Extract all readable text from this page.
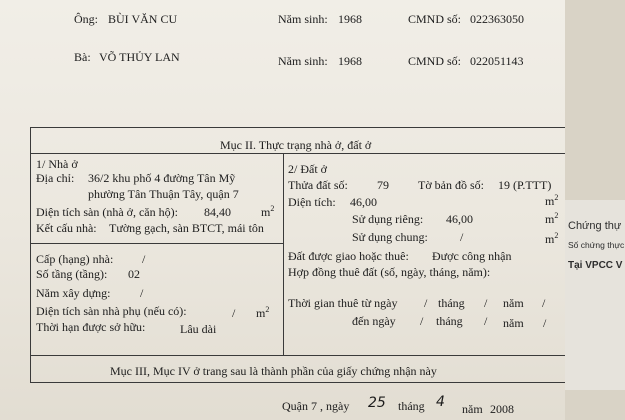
Ông: BÙI VĂN CU	Năm sinh: 1968	CMND số: 022363050
Bà: VÕ THỦY LAN	Năm sinh: 1968	CMND số: 022051143
Mục II. Thực trạng nhà ở, đất ở
1/ Nhà ở
Địa chỉ: 36/2 khu phố 4 đường Tân Mỹ
phường Tân Thuận Tây, quận 7
Diện tích sàn (nhà ở, căn hộ): 84,40	$m^2$
Kết cấu nhà: Tường gạch, sàn BTCT, mái tôn
Cấp (hạng) nhà: /
Số tầng (tầng): 02
Năm xây dựng: /
Diện tích sàn nhà phụ (nếu có):	/ $m^2$
Thời hạn được sở hữu:	Lâu dài
2/ Đất ở
Thửa đất số: 79 Tờ bản đồ số: 19 (P.TTT)
Diện tích: 46,00	$m^2$
Sử dụng riêng: 46,00	$m^2$
Sử dụng chung:	/	$m^2$
Đất được giao hoặc thuê: Được công nhận
Hợp đồng thuê đất (số, ngày, tháng, năm):
Thời gian thuê từ ngày / tháng / năm /
đến ngày / tháng / năm /
Mục III, Mục IV ở trang sau là thành phần của giấy chứng nhận này
Quận 7 , ngày 25 tháng 4 năm 2008
Chứng thự
Số chứng thực
Tại VPCC V
